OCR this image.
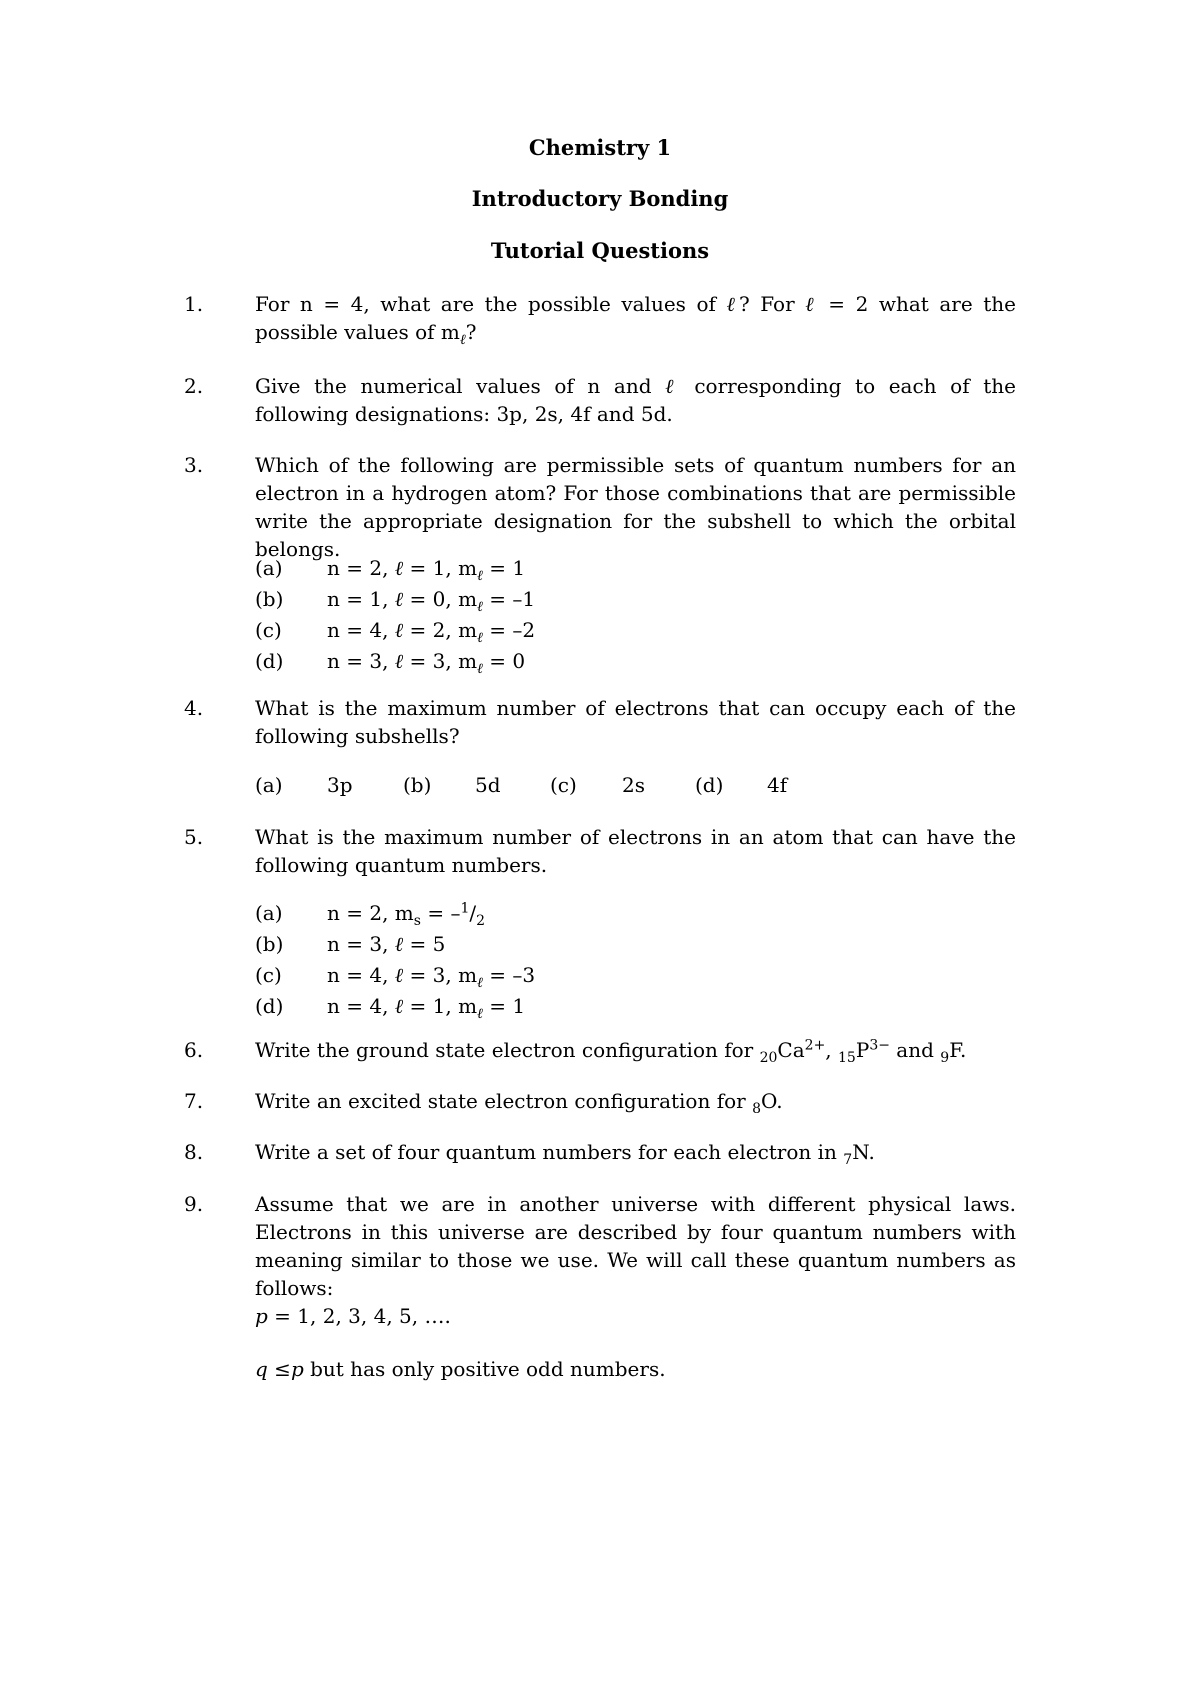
Chemistry 1
Introductory Bonding
Tutorial Questions
1.	For n = 4, what are the possible values of ℓ? For ℓ = 2 what are the possible values of $m_\ell$?
2.	Give the numerical values of n and ℓ corresponding to each of the following designations: 3p, 2s, 4f and 5d.
3.	Which of the following are permissible sets of quantum numbers for an electron in a hydrogen atom? For those combinations that are permissible write the appropriate designation for the subshell to which the orbital belongs.
(a) n = 2, ℓ = 1, $m_\ell = 1$
(b) n = 1, ℓ = 0, $m_\ell = -1$
(c) n = 4, ℓ = 2, $m_\ell = -2$
(d) n = 3, ℓ = 3, $m_\ell = 0$
4.	What is the maximum number of electrons that can occupy each of the following subshells?
(a) 3p	(b) 5d (c) 2s	(d) 4f
5.	What is the maximum number of electrons in an atom that can have the following quantum numbers.
(a) n = 2, $m_s = -^1/_2$
(b) n = 3, ℓ = 5
(c) n = 4, ℓ = 3, $m_\ell = -3$
(d) n = 4, ℓ = 1, $m_\ell = 1$
6.	Write the ground state electron configuration for $_{20}Ca^{2+}$, $_{15}P^{3-}$ and $_9$F.
7.	Write an excited state electron configuration for $_8$O.
8.	Write a set of four quantum numbers for each electron in $_7$N.
9.	Assume that we are in another universe with different physical laws. Electrons in this universe are described by four quantum numbers with meaning similar to those we use. We will call these quantum numbers as follows:
p = 1, 2, 3, 4, 5, ….
q ≤p but has only positive odd numbers.
